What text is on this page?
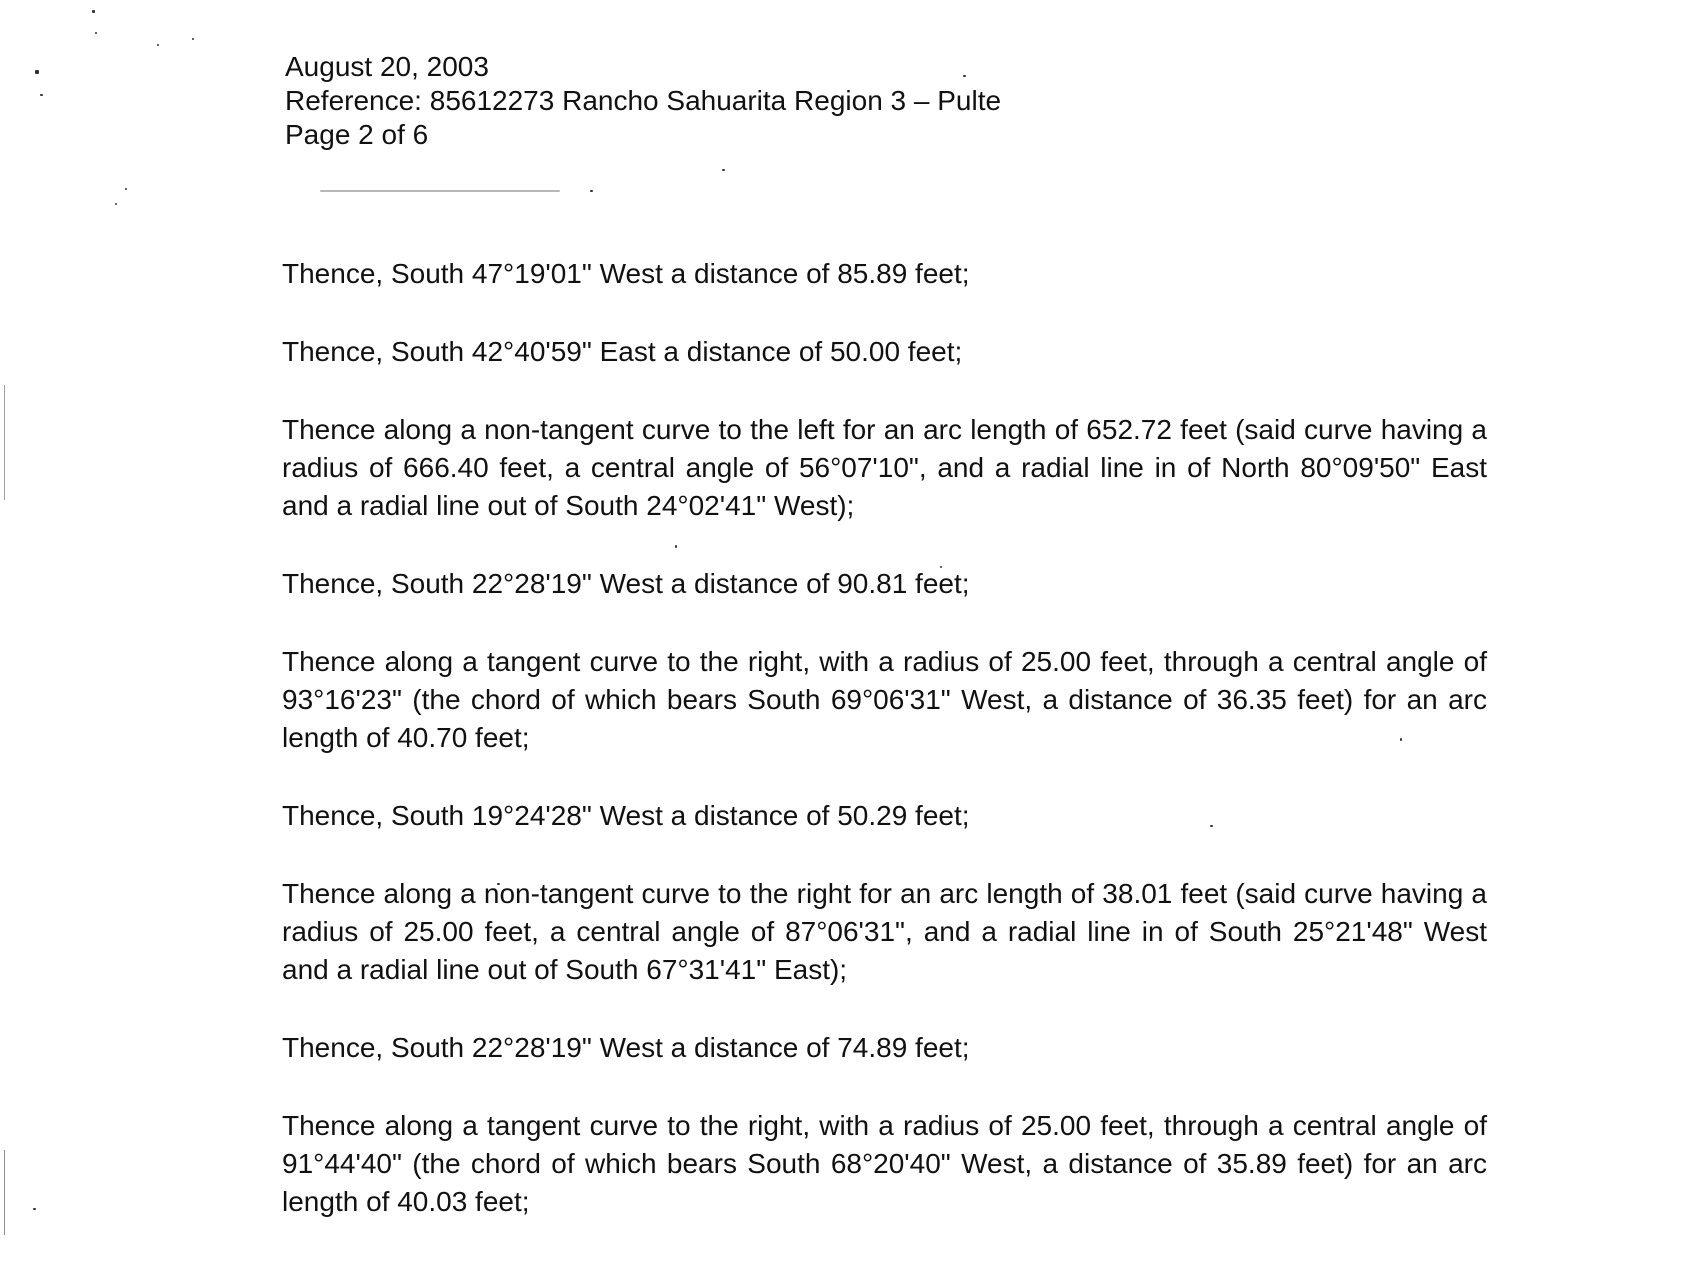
August 20, 2003
Reference: 85612273 Rancho Sahuarita Region 3 – Pulte
Page 2 of 6

Thence, South 47°19'01" West a distance of 85.89 feet;

Thence, South 42°40'59" East a distance of 50.00 feet;

Thence along a non-tangent curve to the left for an arc length of 652.72 feet (said curve having a radius of 666.40 feet, a central angle of 56°07'10", and a radial line in of North 80°09'50" East and a radial line out of South 24°02'41" West);

Thence, South 22°28'19" West a distance of 90.81 feet;

Thence along a tangent curve to the right, with a radius of 25.00 feet, through a central angle of 93°16'23" (the chord of which bears South 69°06'31" West, a distance of 36.35 feet) for an arc length of 40.70 feet;

Thence, South 19°24'28" West a distance of 50.29 feet;

Thence along a non-tangent curve to the right for an arc length of 38.01 feet (said curve having a radius of 25.00 feet, a central angle of 87°06'31", and a radial line in of South 25°21'48" West and a radial line out of South 67°31'41" East);

Thence, South 22°28'19" West a distance of 74.89 feet;

Thence along a tangent curve to the right, with a radius of 25.00 feet, through a central angle of 91°44'40" (the chord of which bears South 68°20'40" West, a distance of 35.89 feet) for an arc length of 40.03 feet;
